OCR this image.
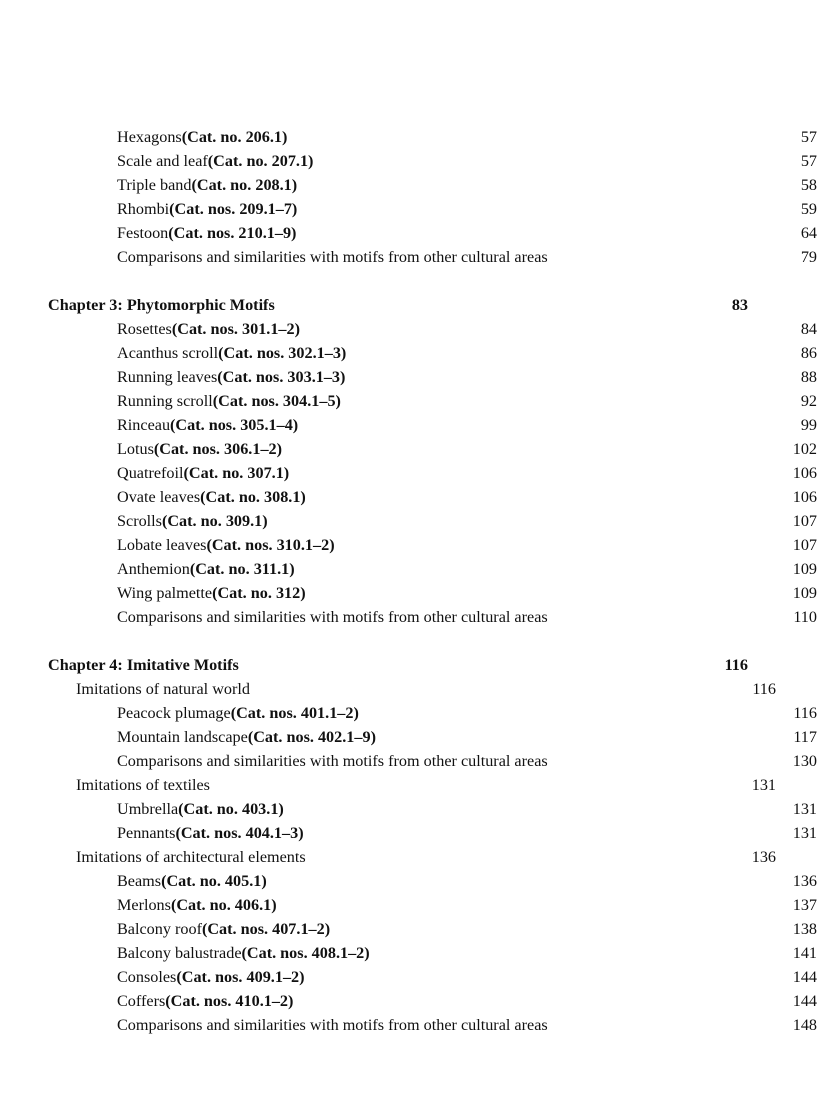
Hexagons (Cat. no. 206.1)	57
Scale and leaf (Cat. no. 207.1)	57
Triple band (Cat. no. 208.1)	58
Rhombi (Cat. nos. 209.1–7)	59
Festoon (Cat. nos. 210.1–9)	64
Comparisons and similarities with motifs from other cultural areas	79
Chapter 3: Phytomorphic Motifs	83
Rosettes (Cat. nos. 301.1–2)	84
Acanthus scroll (Cat. nos. 302.1–3)	86
Running leaves (Cat. nos. 303.1–3)	88
Running scroll (Cat. nos. 304.1–5)	92
Rinceau (Cat. nos. 305.1–4)	99
Lotus (Cat. nos. 306.1–2)	102
Quatrefoil (Cat. no. 307.1)	106
Ovate leaves (Cat. no. 308.1)	106
Scrolls (Cat. no. 309.1)	107
Lobate leaves (Cat. nos. 310.1–2)	107
Anthemion (Cat. no. 311.1)	109
Wing palmette (Cat. no. 312)	109
Comparisons and similarities with motifs from other cultural areas	110
Chapter 4: Imitative Motifs	116
Imitations of natural world	116
Peacock plumage (Cat. nos. 401.1–2)	116
Mountain landscape (Cat. nos. 402.1–9)	117
Comparisons and similarities with motifs from other cultural areas	130
Imitations of textiles	131
Umbrella (Cat. no. 403.1)	131
Pennants (Cat. nos. 404.1–3)	131
Imitations of architectural elements	136
Beams (Cat. no. 405.1)	136
Merlons (Cat. no. 406.1)	137
Balcony roof (Cat. nos. 407.1–2)	138
Balcony balustrade (Cat. nos. 408.1–2)	141
Consoles (Cat. nos. 409.1–2)	144
Coffers (Cat. nos. 410.1–2)	144
Comparisons and similarities with motifs from other cultural areas	148
